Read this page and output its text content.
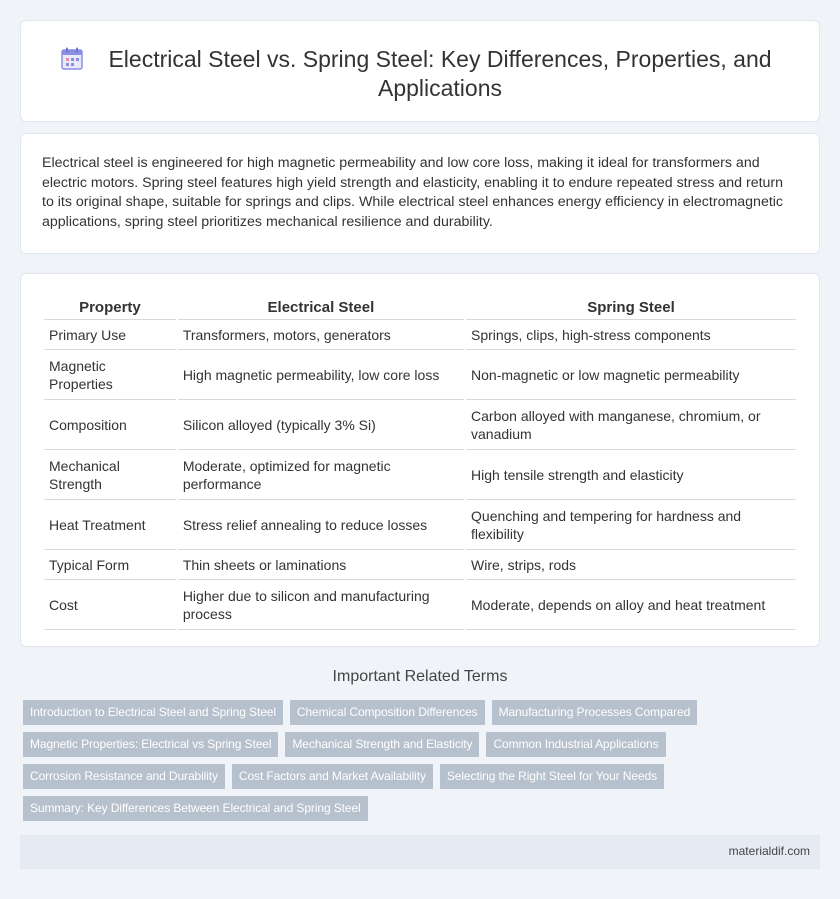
Electrical Steel vs. Spring Steel: Key Differences, Properties, and Applications

Electrical steel is engineered for high magnetic permeability and low core loss, making it ideal for transformers and electric motors. Spring steel features high yield strength and elasticity, enabling it to endure repeated stress and return to its original shape, suitable for springs and clips. While electrical steel enhances energy efficiency in electromagnetic applications, spring steel prioritizes mechanical resilience and durability.

Property	Electrical Steel	Spring Steel
Primary Use	Transformers, motors, generators	Springs, clips, high-stress components
Magnetic Properties	High magnetic permeability, low core loss	Non-magnetic or low magnetic permeability
Composition	Silicon alloyed (typically 3% Si)	Carbon alloyed with manganese, chromium, or vanadium
Mechanical Strength	Moderate, optimized for magnetic performance	High tensile strength and elasticity
Heat Treatment	Stress relief annealing to reduce losses	Quenching and tempering for hardness and flexibility
Typical Form	Thin sheets or laminations	Wire, strips, rods
Cost	Higher due to silicon and manufacturing process	Moderate, depends on alloy and heat treatment
Important Related Terms
Introduction to Electrical Steel and Spring Steel	Chemical Composition Differences	Manufacturing Processes Compared
Magnetic Properties: Electrical vs Spring Steel	Mechanical Strength and Elasticity	Common Industrial Applications
Corrosion Resistance and Durability	Cost Factors and Market Availability	Selecting the Right Steel for Your Needs
Summary: Key Differences Between Electrical and Spring Steel
materialdif.com
